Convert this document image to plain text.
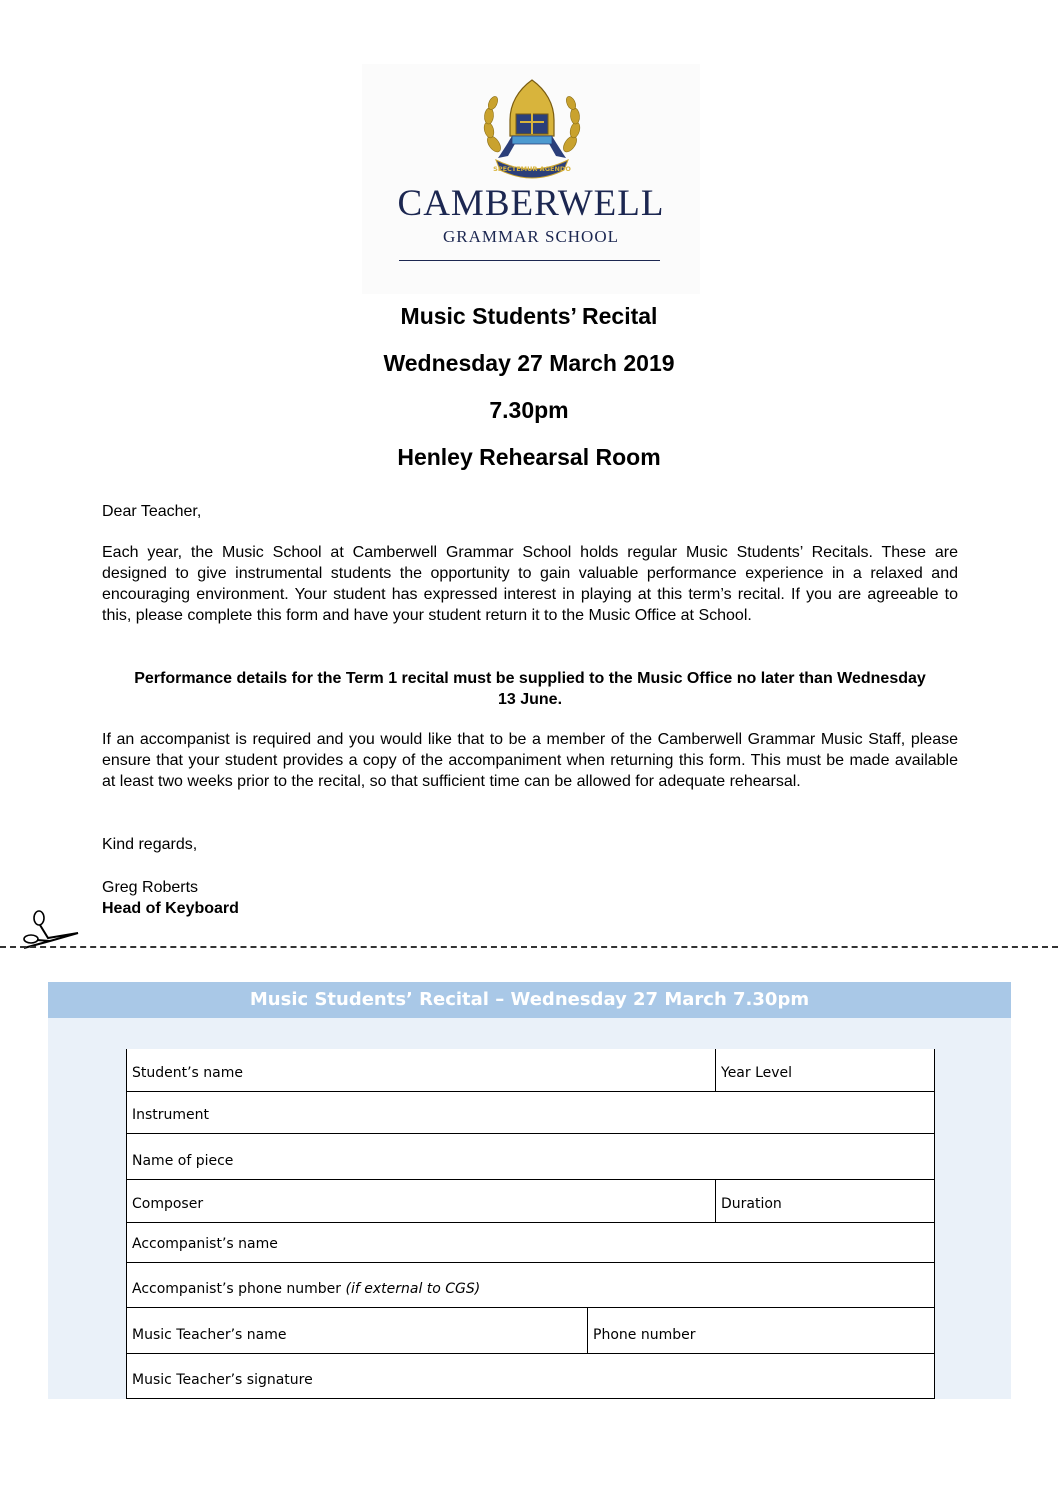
SPECTEMUR AGENDO
CAMBERWELL
GRAMMAR SCHOOL
Music Students’ Recital
Wednesday 27 March 2019
7.30pm
Henley Rehearsal Room
Dear Teacher,
Each year, the Music School at Camberwell Grammar School holds regular Music Students’ Recitals. These are designed to give instrumental students the opportunity to gain valuable performance experience in a relaxed and encouraging environment. Your student has expressed interest in playing at this term’s recital. If you are agreeable to this, please complete this form and have your student return it to the Music Office at School.
Performance details for the Term 1 recital must be supplied to the Music Office no later than Wednesday 13 June.
If an accompanist is required and you would like that to be a member of the Camberwell Grammar Music Staff, please ensure that your student provides a copy of the accompaniment when returning this form. This must be made available at least two weeks prior to the recital, so that sufficient time can be allowed for adequate rehearsal.
Kind regards,
Greg Roberts
Head of Keyboard
Music Students’ Recital – Wednesday 27 March 7.30pm
Student’s name	Year Level
Instrument
Name of piece
Composer	Duration
Accompanist’s name
Accompanist’s phone number (if external to CGS)
Music Teacher’s name	Phone number
Music Teacher’s signature
